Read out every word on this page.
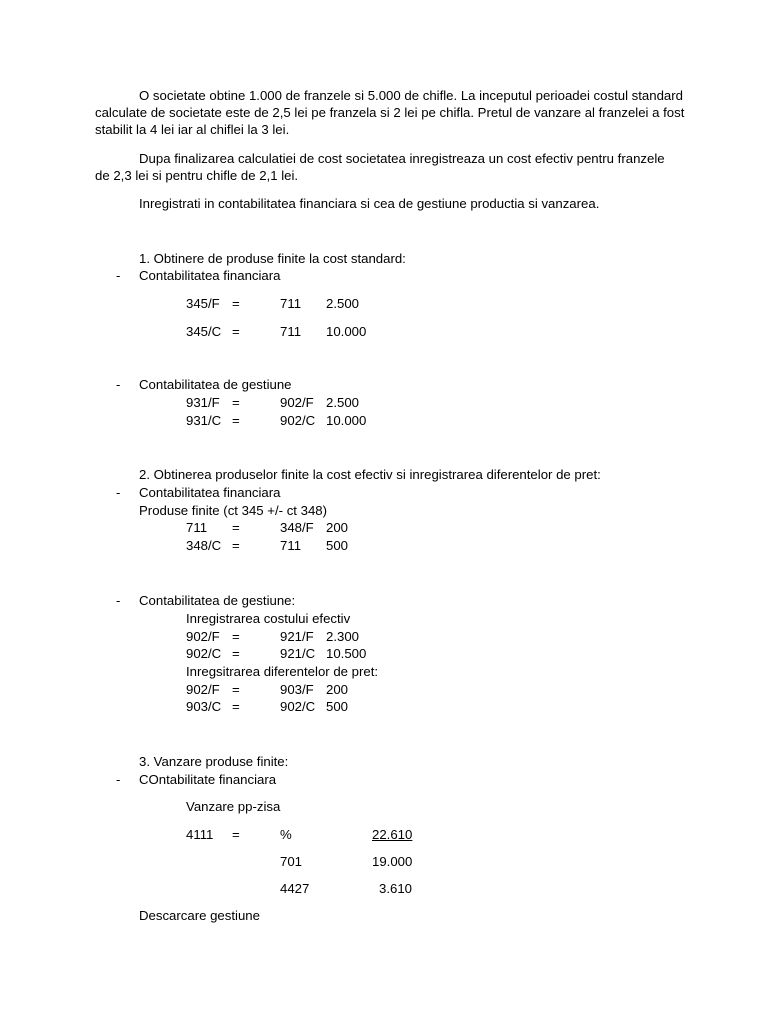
O societate obtine 1.000 de franzele si 5.000 de chifle. La inceputul perioadei costul standard
calculate de societate este de 2,5 lei pe franzela si 2 lei pe chifla. Pretul de vanzare al franzelei a fost
stabilit la 4 lei iar al chiflei la 3 lei.
Dupa finalizarea calculatiei de cost societatea inregistreaza un cost efectiv pentru franzele
de 2,3 lei si pentru chifle de 2,1 lei.
Inregistrati in contabilitatea financiara si cea de gestiune productia si vanzarea.
1. Obtinere de produse finite la cost standard:
- Contabilitatea financiara
345/F =	711 2.500
345/C =	711 10.000
- Contabilitatea de gestiune
931/F =	902/F 2.500
931/C =	902/C 10.000
2. Obtinerea produselor finite la cost efectiv si inregistrarea diferentelor de pret:
- Contabilitatea financiara
Produse finite (ct 345 +/- ct 348)
711 =	348/F 200
348/C =	711 500
- Contabilitatea de gestiune:
Inregistrarea costului efectiv
902/F =	921/F 2.300
902/C =	921/C 10.500
Inregsitrarea diferentelor de pret:
902/F =	903/F 200
903/C =	902/C 500
3. Vanzare produse finite:
- COntabilitate financiara
Vanzare pp-zisa
4111 =	%	22.610
701	19.000
4427	3.610
Descarcare gestiune
